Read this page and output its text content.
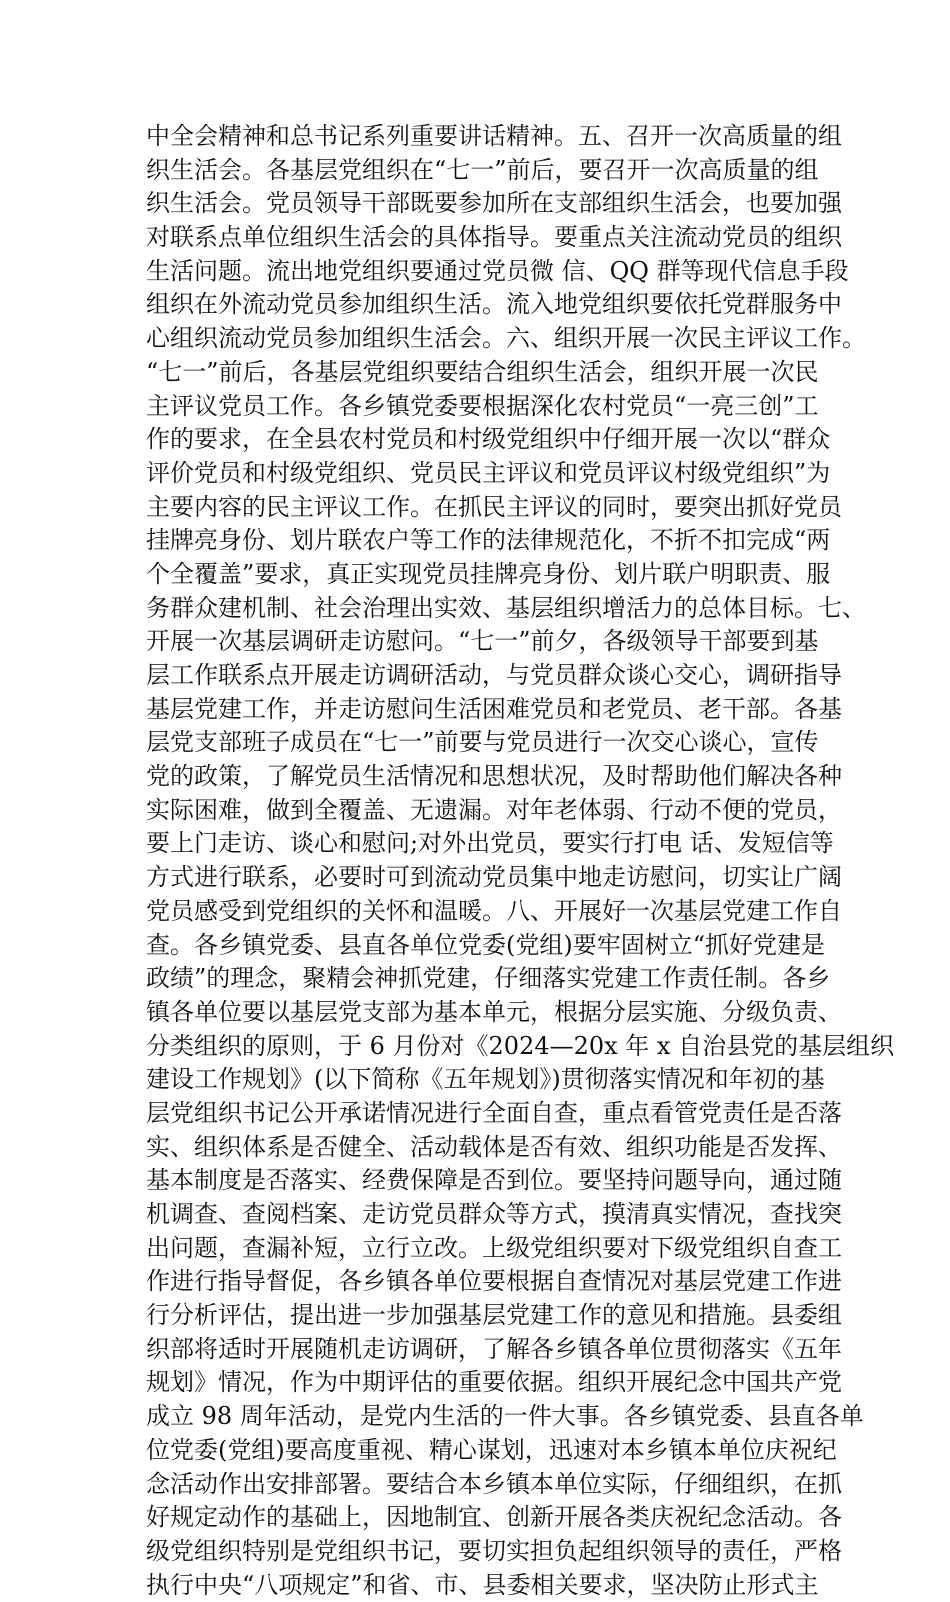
中全会精神和总书记系列重要讲话精神。五、召开一次高质量的组
织生活会。各基层党组织在“七一”前后，要召开一次高质量的组
织生活会。党员领导干部既要参加所在支部组织生活会，也要加强
对联系点单位组织生活会的具体指导。要重点关注流动党员的组织
生活问题。流出地党组织要通过党员微 信、QQ 群等现代信息手段
组织在外流动党员参加组织生活。流入地党组织要依托党群服务中
心组织流动党员参加组织生活会。六、组织开展一次民主评议工作。
“七一”前后，各基层党组织要结合组织生活会，组织开展一次民
主评议党员工作。各乡镇党委要根据深化农村党员“一亮三创”工
作的要求，在全县农村党员和村级党组织中仔细开展一次以“群众
评价党员和村级党组织、党员民主评议和党员评议村级党组织”为
主要内容的民主评议工作。在抓民主评议的同时，要突出抓好党员
挂牌亮身份、划片联农户等工作的法律规范化，不折不扣完成“两
个全覆盖”要求，真正实现党员挂牌亮身份、划片联户明职责、服
务群众建机制、社会治理出实效、基层组织增活力的总体目标。七、
开展一次基层调研走访慰问。“七一”前夕，各级领导干部要到基
层工作联系点开展走访调研活动，与党员群众谈心交心，调研指导
基层党建工作，并走访慰问生活困难党员和老党员、老干部。各基
层党支部班子成员在“七一”前要与党员进行一次交心谈心，宣传
党的政策，了解党员生活情况和思想状况，及时帮助他们解决各种
实际困难，做到全覆盖、无遗漏。对年老体弱、行动不便的党员，
要上门走访、谈心和慰问;对外出党员，要实行打电 话、发短信等
方式进行联系，必要时可到流动党员集中地走访慰问，切实让广阔
党员感受到党组织的关怀和温暖。八、开展好一次基层党建工作自
查。各乡镇党委、县直各单位党委(党组)要牢固树立“抓好党建是
政绩”的理念，聚精会神抓党建，仔细落实党建工作责任制。各乡
镇各单位要以基层党支部为基本单元，根据分层实施、分级负责、
分类组织的原则，于 6 月份对《2024—20x 年 x 自治县党的基层组织
建设工作规划》(以下简称《五年规划》)贯彻落实情况和年初的基
层党组织书记公开承诺情况进行全面自查，重点看管党责任是否落
实、组织体系是否健全、活动载体是否有效、组织功能是否发挥、
基本制度是否落实、经费保障是否到位。要坚持问题导向，通过随
机调查、查阅档案、走访党员群众等方式，摸清真实情况，查找突
出问题，查漏补短，立行立改。上级党组织要对下级党组织自查工
作进行指导督促，各乡镇各单位要根据自查情况对基层党建工作进
行分析评估，提出进一步加强基层党建工作的意见和措施。县委组
织部将适时开展随机走访调研，了解各乡镇各单位贯彻落实《五年
规划》情况，作为中期评估的重要依据。组织开展纪念中国共产党
成立 98 周年活动，是党内生活的一件大事。各乡镇党委、县直各单
位党委(党组)要高度重视、精心谋划，迅速对本乡镇本单位庆祝纪
念活动作出安排部署。要结合本乡镇本单位实际，仔细组织，在抓
好规定动作的基础上，因地制宜、创新开展各类庆祝纪念活动。各
级党组织特别是党组织书记，要切实担负起组织领导的责任，严格
执行中央“八项规定”和省、市、县委相关要求，坚决防止形式主
